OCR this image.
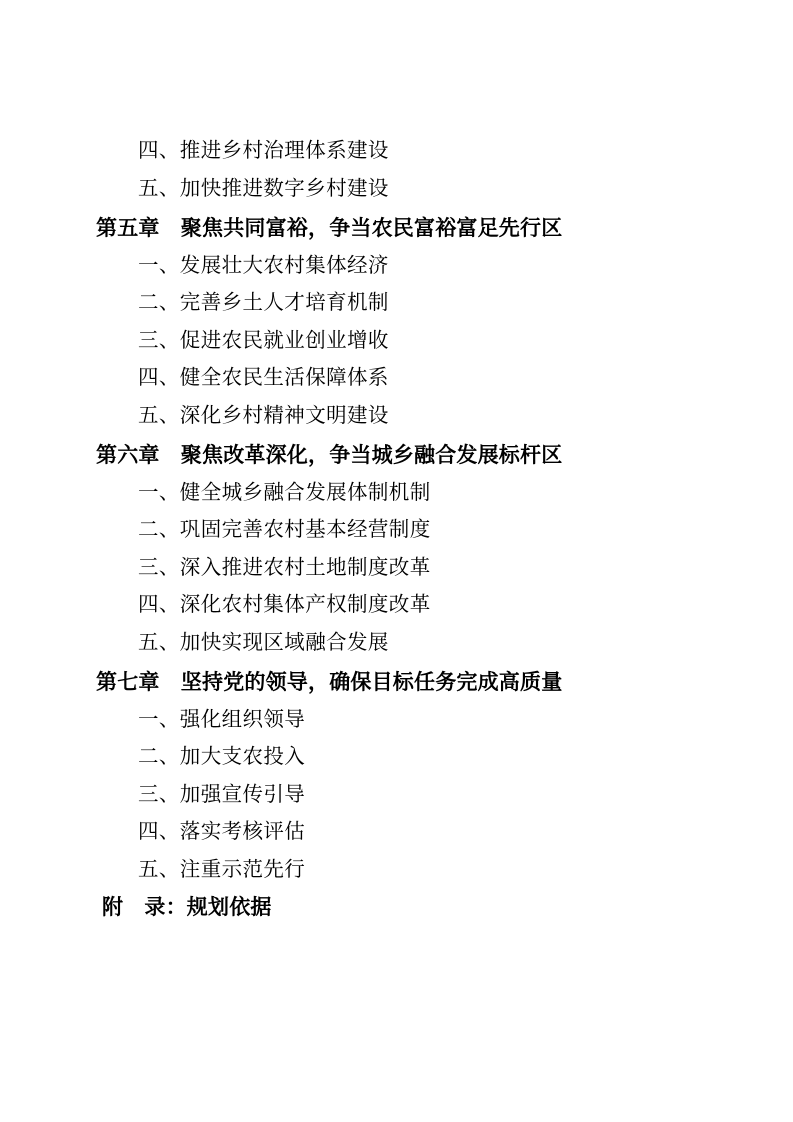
四、推进乡村治理体系建设
五、加快推进数字乡村建设
第五章　聚焦共同富裕，争当农民富裕富足先行区
一、发展壮大农村集体经济
二、完善乡土人才培育机制
三、促进农民就业创业增收
四、健全农民生活保障体系
五、深化乡村精神文明建设
第六章　聚焦改革深化，争当城乡融合发展标杆区
一、健全城乡融合发展体制机制
二、巩固完善农村基本经营制度
三、深入推进农村土地制度改革
四、深化农村集体产权制度改革
五、加快实现区域融合发展
第七章　坚持党的领导，确保目标任务完成高质量
一、强化组织领导
二、加大支农投入
三、加强宣传引导
四、落实考核评估
五、注重示范先行
附　录：规划依据
